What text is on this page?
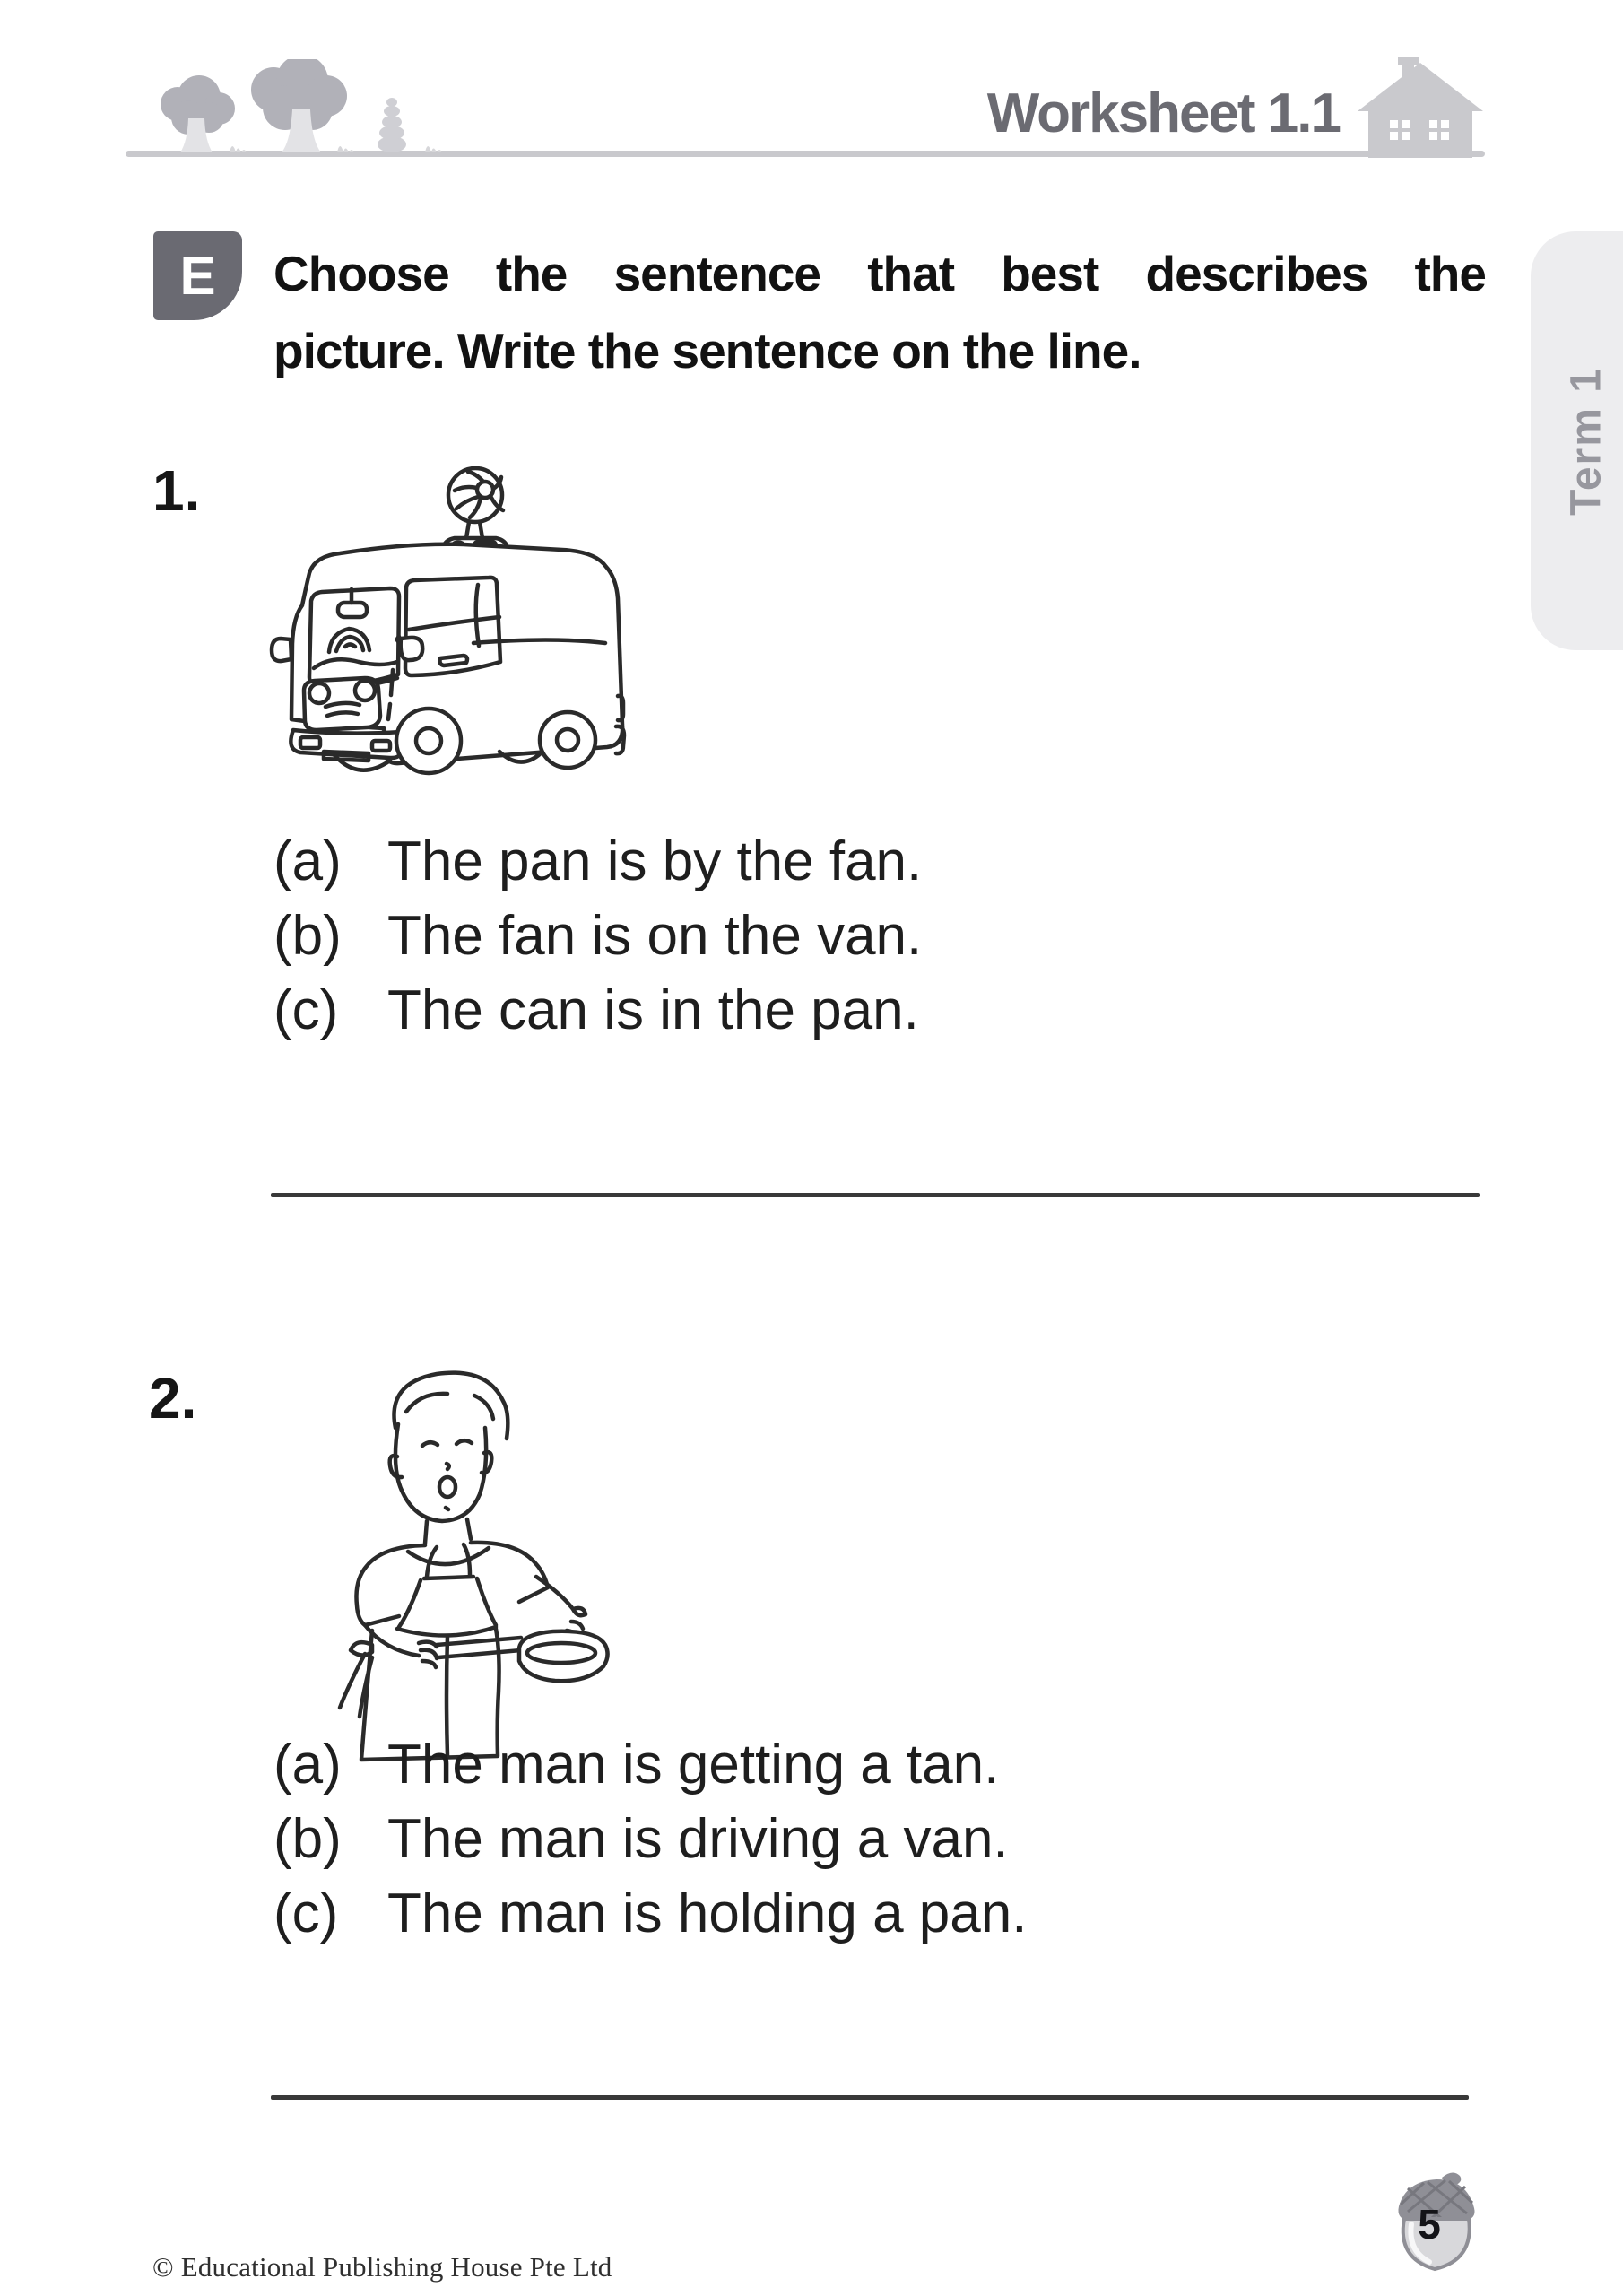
Worksheet 1.1
E	Choose the sentence that best describes the
picture. Write the sentence on the line.
Term 1
1.
(a) The pan is by the fan.
(b) The fan is on the van.
(c) The can is in the pan.
2.
(a) The man is getting a tan.
(b) The man is driving a van.
(c) The man is holding a pan.
© Educational Publishing House Pte Ltd
5
